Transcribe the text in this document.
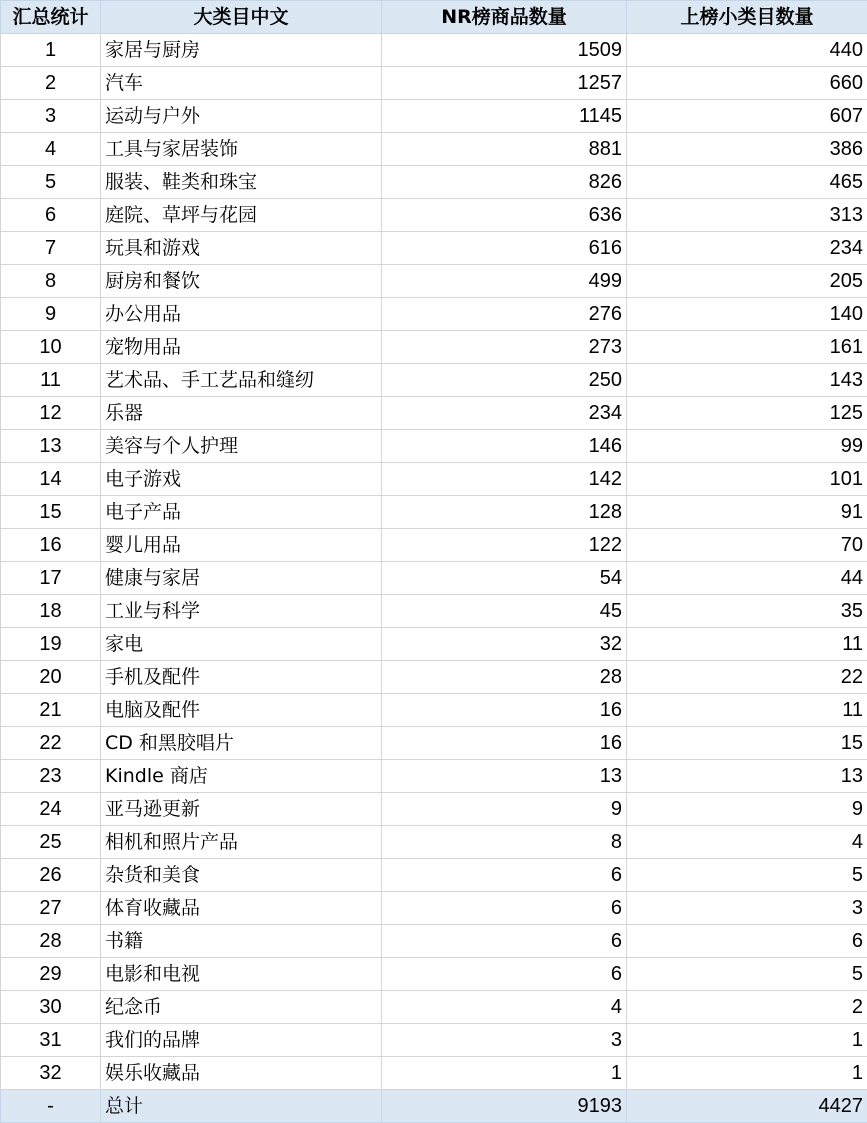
汇总统计	大类目中文	NR榜商品数量	上榜小类目数量
1	家居与厨房	1509	440
2	汽车	1257	660
3	运动与户外	1145	607
4	工具与家居装饰	881	386
5	服装、鞋类和珠宝	826	465
6	庭院、草坪与花园	636	313
7	玩具和游戏	616	234
8	厨房和餐饮	499	205
9	办公用品	276	140
10	宠物用品	273	161
11	艺术品、手工艺品和缝纫	250	143
12	乐器	234	125
13	美容与个人护理	146	99
14	电子游戏	142	101
15	电子产品	128	91
16	婴儿用品	122	70
17	健康与家居	54	44
18	工业与科学	45	35
19	家电	32	11
20	手机及配件	28	22
21	电脑及配件	16	11
22	CD 和黑胶唱片	16	15
23	Kindle 商店	13	13
24	亚马逊更新	9	9
25	相机和照片产品	8	4
26	杂货和美食	6	5
27	体育收藏品	6	3
28	书籍	6	6
29	电影和电视	6	5
30	纪念币	4	2
31	我们的品牌	3	1
32	娱乐收藏品	1	1
-	总计	9193	4427
